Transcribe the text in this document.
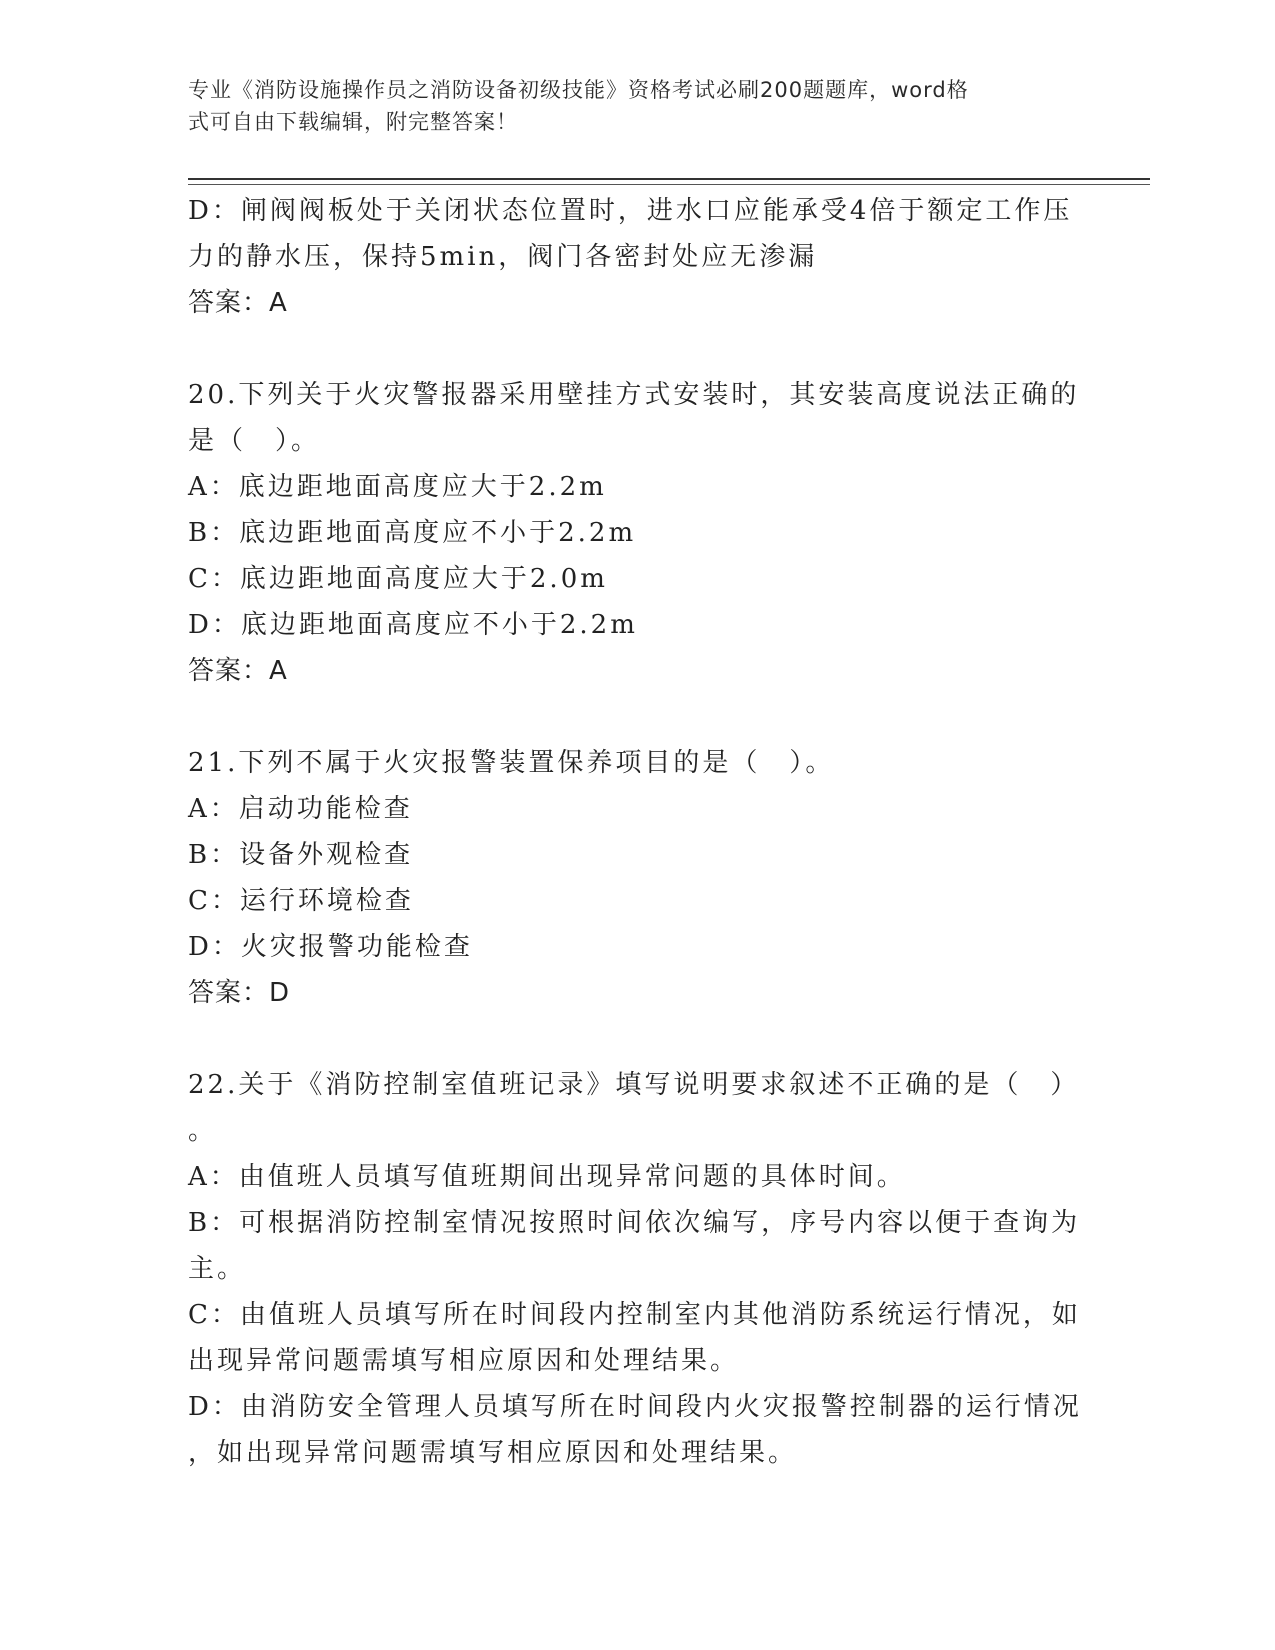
专业《消防设施操作员之消防设备初级技能》资格考试必刷200题题库，word格
式可自由下载编辑，附完整答案！
D：闸阀阀板处于关闭状态位置时，进水口应能承受4倍于额定工作压
力的静水压，保持5min，阀门各密封处应无渗漏
答案：A
20.下列关于火灾警报器采用壁挂方式安装时，其安装高度说法正确的
是（　）。
A：底边距地面高度应大于2.2m
B：底边距地面高度应不小于2.2m
C：底边距地面高度应大于2.0m
D：底边距地面高度应不小于2.2m
答案：A
21.下列不属于火灾报警装置保养项目的是（　）。
A：启动功能检查
B：设备外观检查
C：运行环境检查
D：火灾报警功能检查
答案：D
22.关于《消防控制室值班记录》填写说明要求叙述不正确的是（　）
。
A：由值班人员填写值班期间出现异常问题的具体时间。
B：可根据消防控制室情况按照时间依次编写，序号内容以便于查询为
主。
C：由值班人员填写所在时间段内控制室内其他消防系统运行情况，如
出现异常问题需填写相应原因和处理结果。
D：由消防安全管理人员填写所在时间段内火灾报警控制器的运行情况
，如出现异常问题需填写相应原因和处理结果。
